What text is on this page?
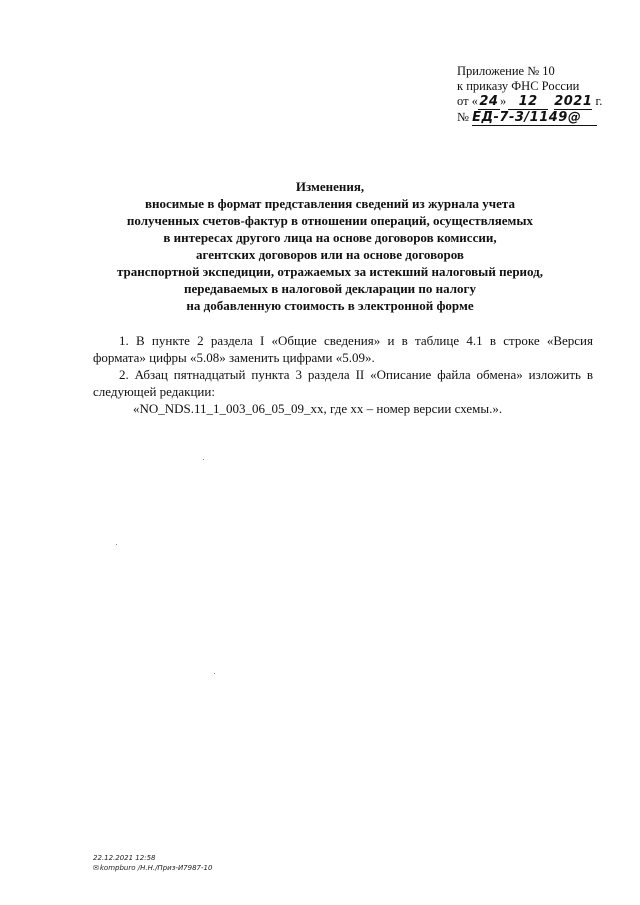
Приложение № 10
к приказу ФНС России
от «24» 12 2021 г.
№ ЕД-7-3/1149@
Изменения,
вносимые в формат представления сведений из журнала учета
полученных счетов-фактур в отношении операций, осуществляемых
в интересах другого лица на основе договоров комиссии,
агентских договоров или на основе договоров
транспортной экспедиции, отражаемых за истекший налоговый период,
передаваемых в налоговой декларации по налогу
на добавленную стоимость в электронной форме

1. В пункте 2 раздела I «Общие сведения» и в таблице 4.1 в строке «Версия формата» цифры «5.08» заменить цифрами «5.09».

2. Абзац пятнадцатый пункта 3 раздела II «Описание файла обмена» изложить в следующей редакции:

«NO_NDS.11_1_003_06_05_09_xx, где xx – номер версии схемы.».

22.12.2021 12:58
✉kompburo /Н.Н./Приз-И7987-10
